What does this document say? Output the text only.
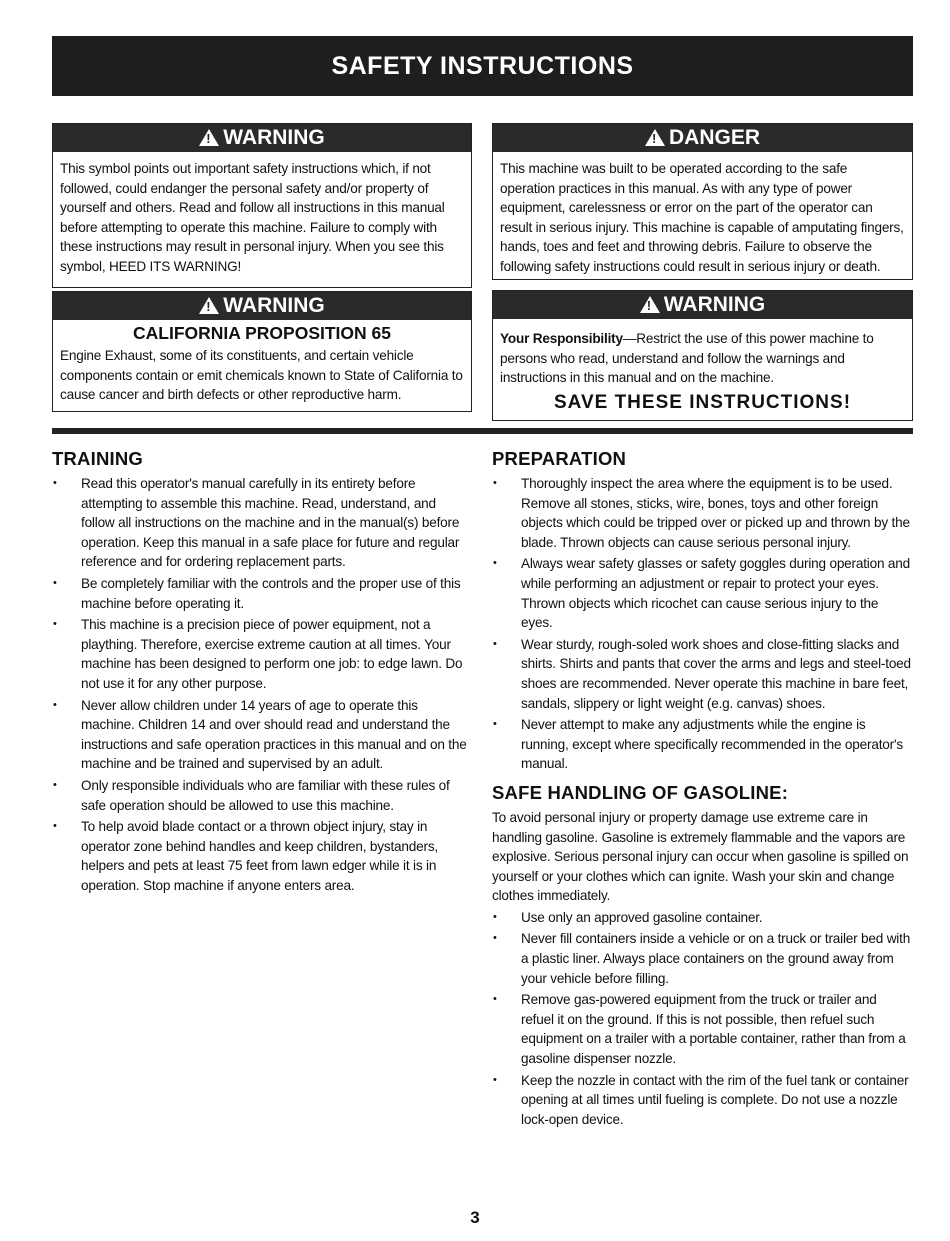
SAFETY INSTRUCTIONS
!
WARNING
This symbol points out important safety instructions which, if not followed, could endanger the personal safety and/or property of yourself and others. Read and follow all instructions in this manual before attempting to operate this machine. Failure to comply with these instructions may result in personal injury. When you see this symbol, HEED ITS WARNING!
!
DANGER
This machine was built to be operated according to the safe operation practices in this manual. As with any type of power equipment, carelessness or error on the part of the operator can result in serious injury. This machine is capable of amputating fingers, hands, toes and feet and throwing debris. Failure to observe the following safety instructions could result in serious injury or death.
!
WARNING
CALIFORNIA PROPOSITION 65
Engine Exhaust, some of its constituents, and certain vehicle components contain or emit chemicals known to State of California to cause cancer and birth defects or other reproductive harm.
!
WARNING
Your Responsibility—Restrict the use of this power machine to persons who read, understand and follow the warnings and instructions in this manual and on the machine.
SAVE THESE INSTRUCTIONS!
TRAINING
• Read this operator's manual carefully in its entirety before attempting to assemble this machine. Read, understand, and follow all instructions on the machine and in the manual(s) before operation. Keep this manual in a safe place for future and regular reference and for ordering replacement parts.
• Be completely familiar with the controls and the proper use of this machine before operating it.
• This machine is a precision piece of power equipment, not a plaything. Therefore, exercise extreme caution at all times. Your machine has been designed to perform one job: to edge lawn. Do not use it for any other purpose.
• Never allow children under 14 years of age to operate this machine. Children 14 and over should read and understand the instructions and safe operation practices in this manual and on the machine and be trained and supervised by an adult.
• Only responsible individuals who are familiar with these rules of safe operation should be allowed to use this machine.
• To help avoid blade contact or a thrown object injury, stay in operator zone behind handles and keep children, bystanders, helpers and pets at least 75 feet from lawn edger while it is in operation. Stop machine if anyone enters area.
PREPARATION
• Thoroughly inspect the area where the equipment is to be used. Remove all stones, sticks, wire, bones, toys and other foreign objects which could be tripped over or picked up and thrown by the blade. Thrown objects can cause serious personal injury.
• Always wear safety glasses or safety goggles during operation and while performing an adjustment or repair to protect your eyes. Thrown objects which ricochet can cause serious injury to the eyes.
• Wear sturdy, rough-soled work shoes and close-fitting slacks and shirts. Shirts and pants that cover the arms and legs and steel-toed shoes are recommended. Never operate this machine in bare feet, sandals, slippery or light weight (e.g. canvas) shoes.
• Never attempt to make any adjustments while the engine is running, except where specifically recommended in the operator's manual.
SAFE HANDLING OF GASOLINE:
To avoid personal injury or property damage use extreme care in handling gasoline. Gasoline is extremely flammable and the vapors are explosive. Serious personal injury can occur when gasoline is spilled on yourself or your clothes which can ignite. Wash your skin and change clothes immediately.
• Use only an approved gasoline container.
• Never fill containers inside a vehicle or on a truck or trailer bed with a plastic liner. Always place containers on the ground away from your vehicle before filling.
• Remove gas-powered equipment from the truck or trailer and refuel it on the ground. If this is not possible, then refuel such equipment on a trailer with a portable container, rather than from a gasoline dispenser nozzle.
• Keep the nozzle in contact with the rim of the fuel tank or container opening at all times until fueling is complete. Do not use a nozzle lock-open device.
3
